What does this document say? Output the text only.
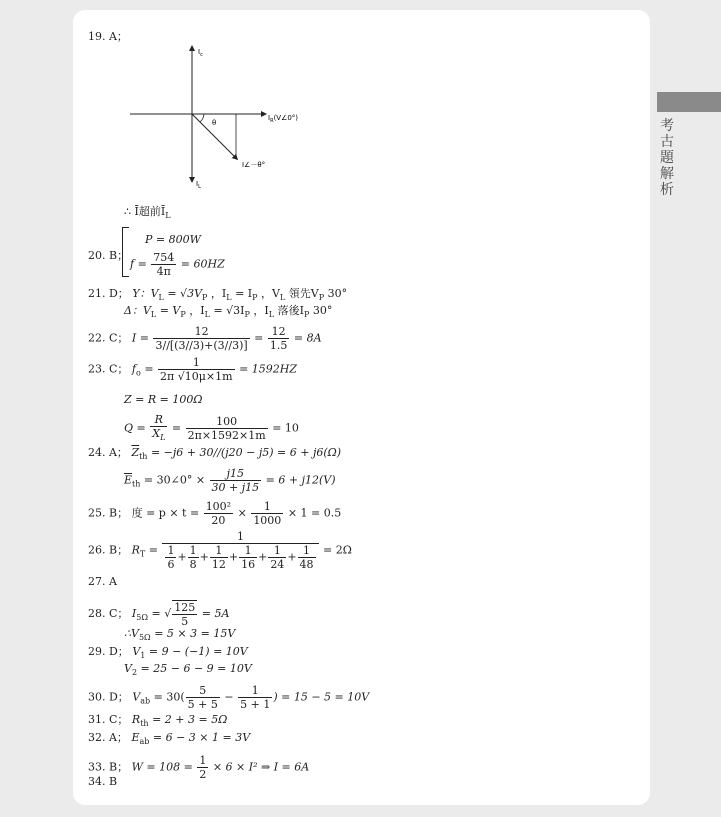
考古題解析
19. A；
$I_c$
$I_L$
$I_R(V\angle 0^\circ)$
θ
I∠－θ°
∴ Ī超前$Ī_L$
20. B；
P = 800W
$f = \frac{754}{4\pi} = 60HZ$
21. D； Y：$V_L = √3V_P$ ，$I_L = I_P$ ，$V_L$ 領先$V_P$ 30°
Δ：$V_L = V_P$ ，$I_L = √3I_P$ ，$I_L$ 落後$I_P$ 30°
22. C； $I = \frac{12}{3//[(3//3)+(3//3)]} = \frac{12}{1.5} = 8A$
23. C； $f_o = \frac{1}{2\pi √10\mu\times 1m} = 1592HZ$
Z = R = 100Ω
$Q = \frac{R}{X_L} = \frac{100}{2\pi\times 1592\times 1m} = 10$
24. A； $\overline{Z}_{th} = -j6 + 30//(j20 - j5) = 6 + j6(\Omega)$
$\overline{E}_{th}$ = 30∠0° × $\frac{j15}{30 + j15} = 6 + j12(V)$
25. B； 度 = $p \times t = \frac{\text{100²}}{20} \times \frac{1}{1000} \times 1 = 0.5$
26. B； $R_T = \frac{1}{\frac{1}{6} + \frac{1}{8} + \frac{1}{12} + \frac{1}{16} + \frac{1}{24} + \frac{1}{48}} = 2\Omega$
27. A
28. C； $I_{5\Omega}$ = √ $\frac{125}{5} = 5A$
$\therefore V_{5\Omega} = 5 \times 3 = 15V$
29. D； $V_1 = 9 - (-1) = 10V$
$V_2 = 25 - 6 - 9 = 10V$
30. D； $V_{ab} = 30( \frac{5}{5 + 5} - \frac{1}{5 + 1}$ ) = 15 − 5 = 10V
31. C； $R_{th} = 2 + 3 = 5\Omega$
32. A； $E_{ab} = 6 - 3 \times 1 = 3V$
33. B； $W = 108 = \frac{1}{2} \times 6 \times I^2$ ⇒ I = 6A
34. B
